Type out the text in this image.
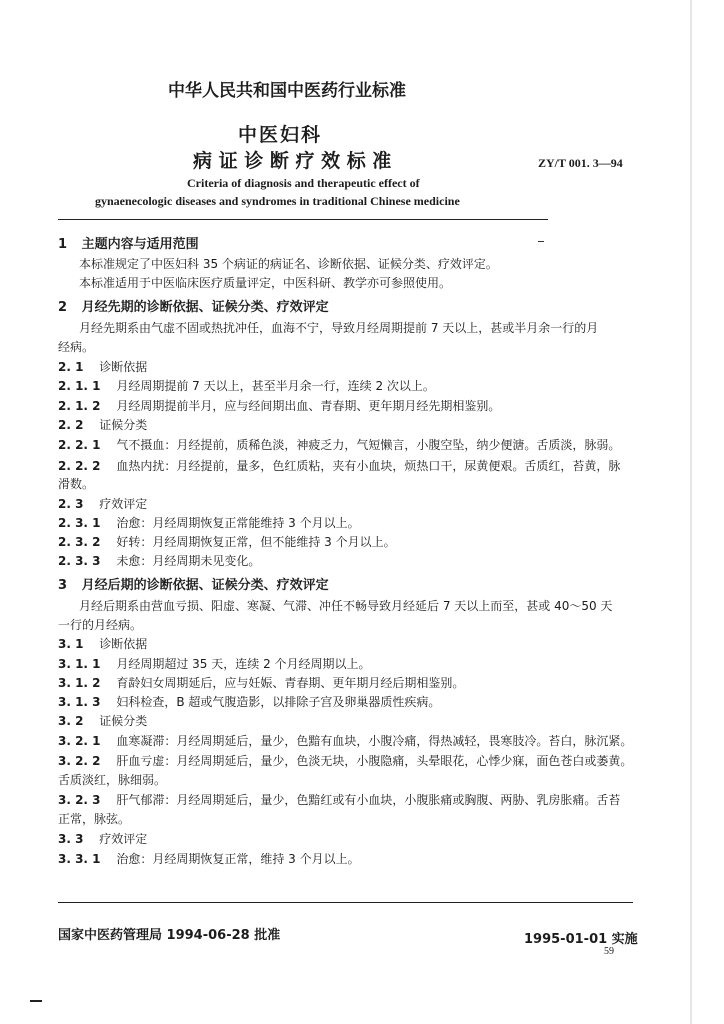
中华人民共和国中医药行业标准
中医妇科
病 证 诊 断 疗 效 标 准	ZY/T 001. 3—94
Criteria of diagnosis and therapeutic effect of
gynaenecologic diseases and syndromes in traditional Chinese medicine
1 主题内容与适用范围
本标准规定了中医妇科 35 个病证的病证名、诊断依据、证候分类、疗效评定。
本标准适用于中医临床医疗质量评定，中医科研、教学亦可参照使用。
2 月经先期的诊断依据、证候分类、疗效评定
月经先期系由气虚不固或热扰冲任，血海不宁，导致月经周期提前 7 天以上，甚或半月余一行的月
经病。
2. 1 诊断依据
2. 1. 1 月经周期提前 7 天以上，甚至半月余一行，连续 2 次以上。
2. 1. 2 月经周期提前半月，应与经间期出血、青春期、更年期月经先期相鉴别。
2. 2 证候分类
2. 2. 1 气不摄血：月经提前，质稀色淡，神疲乏力，气短懒言，小腹空坠，纳少便溏。舌质淡，脉弱。
2. 2. 2 血热内扰：月经提前，量多，色红质粘，夹有小血块，烦热口干，尿黄便艰。舌质红，苔黄，脉
滑数。
2. 3 疗效评定
2. 3. 1 治愈：月经周期恢复正常能维持 3 个月以上。
2. 3. 2 好转：月经周期恢复正常，但不能维持 3 个月以上。
2. 3. 3 未愈：月经周期未见变化。
3 月经后期的诊断依据、证候分类、疗效评定
月经后期系由营血亏损、阳虚、寒凝、气滞、冲任不畅导致月经延后 7 天以上而至，甚或 40～50 天
一行的月经病。
3. 1 诊断依据
3. 1. 1 月经周期超过 35 天，连续 2 个月经周期以上。
3. 1. 2 育龄妇女周期延后，应与妊娠、青春期、更年期月经后期相鉴别。
3. 1. 3 妇科检查，B 超或气腹造影，以排除子宫及卵巢器质性疾病。
3. 2 证候分类
3. 2. 1 血寒凝滞：月经周期延后，量少，色黯有血块，小腹冷痛，得热减轻，畏寒肢冷。苔白，脉沉紧。
3. 2. 2 肝血亏虚：月经周期延后，量少，色淡无块，小腹隐痛，头晕眼花，心悸少寐，面色苍白或萎黄。
舌质淡红，脉细弱。
3. 2. 3 肝气郁滞：月经周期延后，量少，色黯红或有小血块，小腹胀痛或胸腹、两胁、乳房胀痛。舌苔
正常，脉弦。
3. 3 疗效评定
3. 3. 1 治愈：月经周期恢复正常，维持 3 个月以上。
国家中医药管理局 1994-06-28 批准	1995-01-01 实施
59
